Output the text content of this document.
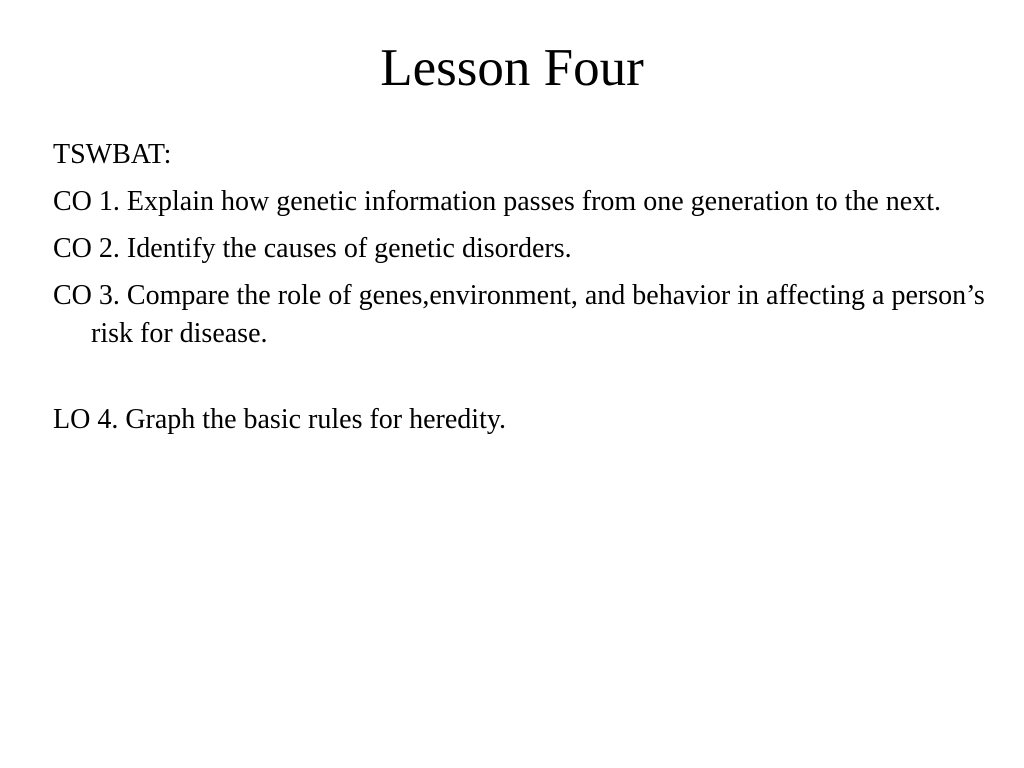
Lesson Four

TSWBAT:

CO 1. Explain how genetic information passes from one generation to the next.

CO 2. Identify the causes of genetic disorders.

CO 3. Compare the role of genes,environment, and behavior in affecting a person’s risk for disease.

LO 4. Graph the basic rules for heredity.
